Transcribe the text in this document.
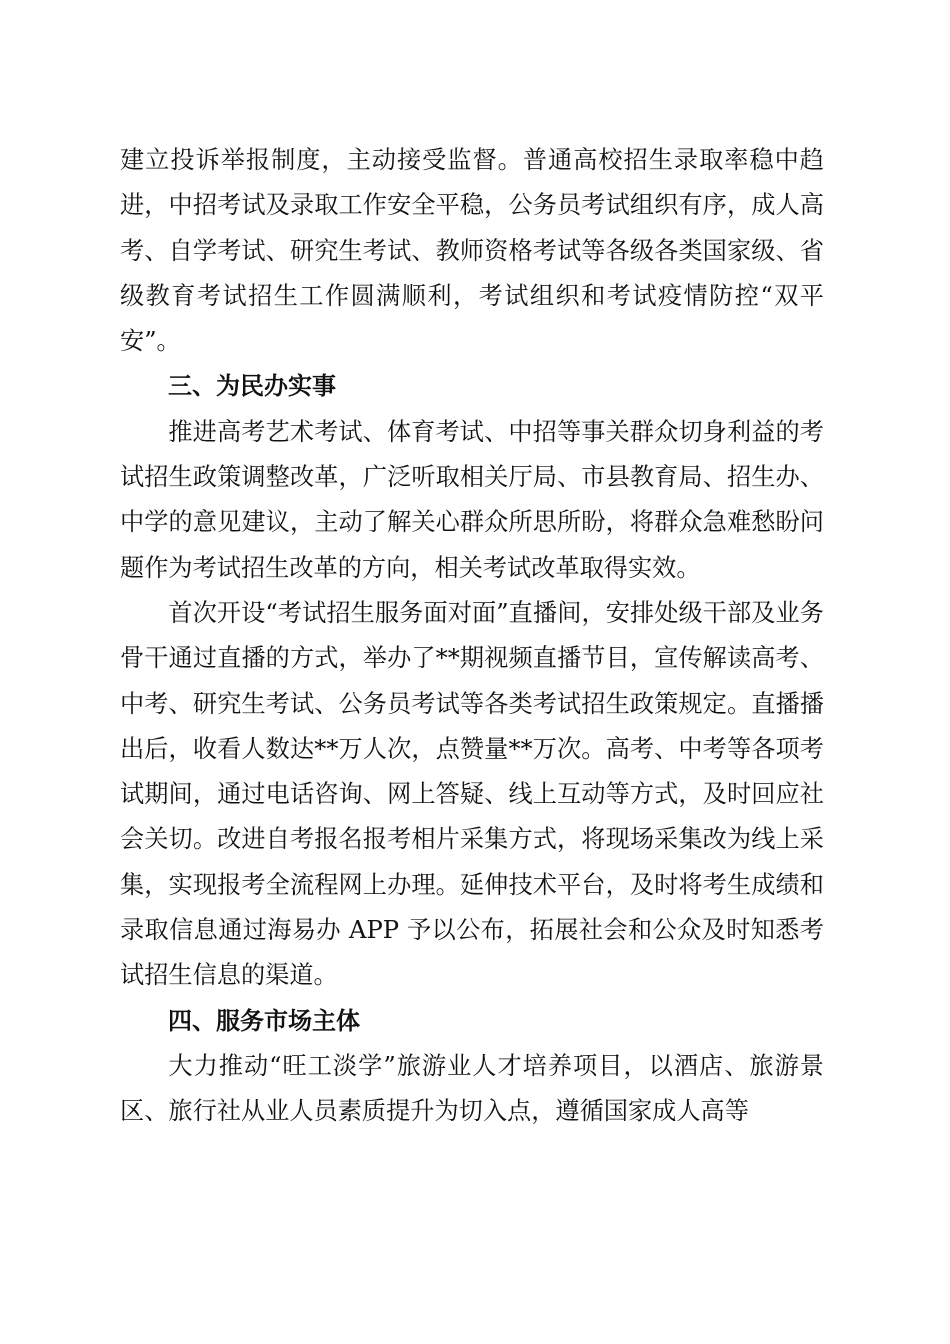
建立投诉举报制度，主动接受监督。普通高校招生录取率稳中趋进，中招考试及录取工作安全平稳，公务员考试组织有序，成人高考、自学考试、研究生考试、教师资格考试等各级各类国家级、省级教育考试招生工作圆满顺利，考试组织和考试疫情防控“双平安”。

三、为民办实事

推进高考艺术考试、体育考试、中招等事关群众切身利益的考试招生政策调整改革，广泛听取相关厅局、市县教育局、招生办、中学的意见建议，主动了解关心群众所思所盼，将群众急难愁盼问题作为考试招生改革的方向，相关考试改革取得实效。

首次开设“考试招生服务面对面”直播间，安排处级干部及业务骨干通过直播的方式，举办了**期视频直播节目，宣传解读高考、中考、研究生考试、公务员考试等各类考试招生政策规定。直播播出后，收看人数达**万人次，点赞量**万次。高考、中考等各项考试期间，通过电话咨询、网上答疑、线上互动等方式，及时回应社会关切。改进自考报名报考相片采集方式，将现场采集改为线上采集，实现报考全流程网上办理。延伸技术平台，及时将考生成绩和录取信息通过海易办 APP 予以公布，拓展社会和公众及时知悉考试招生信息的渠道。

四、服务市场主体

大力推动“旺工淡学”旅游业人才培养项目，以酒店、旅游景区、旅行社从业人员素质提升为切入点，遵循国家成人高等
